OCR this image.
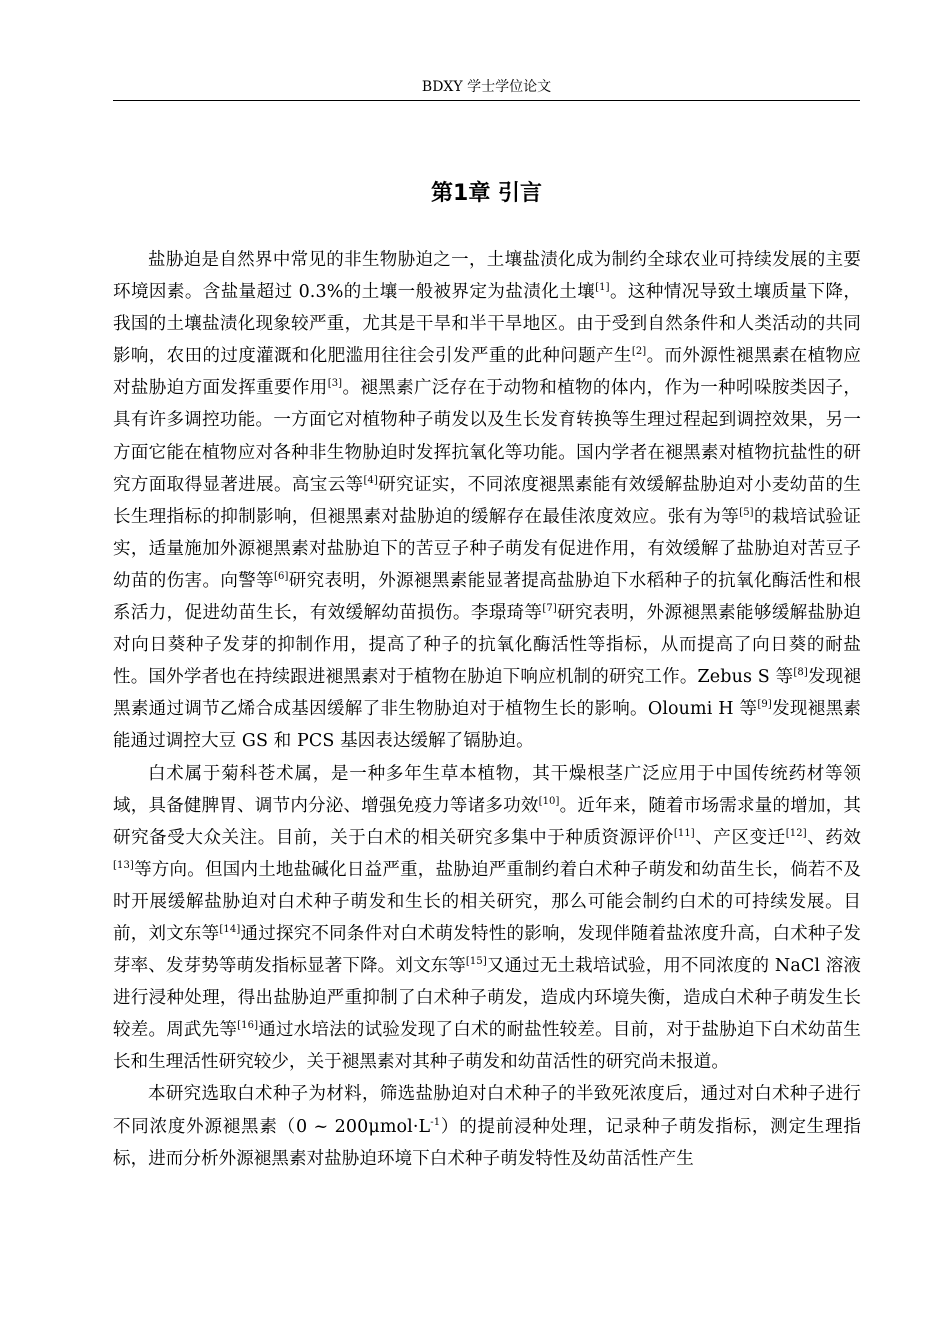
BDXY 学士学位论文
第1章 引言

盐胁迫是自然界中常见的非生物胁迫之一，土壤盐渍化成为制约全球农业可持续发展的主要环境因素。含盐量超过 0.3%的土壤一般被界定为盐渍化土壤[1]。这种情况导致土壤质量下降，我国的土壤盐渍化现象较严重，尤其是干旱和半干旱地区。由于受到自然条件和人类活动的共同影响，农田的过度灌溉和化肥滥用往往会引发严重的此种问题产生[2]。而外源性褪黑素在植物应对盐胁迫方面发挥重要作用[3]。褪黑素广泛存在于动物和植物的体内，作为一种吲哚胺类因子，具有许多调控功能。一方面它对植物种子萌发以及生长发育转换等生理过程起到调控效果，另一方面它能在植物应对各种非生物胁迫时发挥抗氧化等功能。国内学者在褪黑素对植物抗盐性的研究方面取得显著进展。高宝云等[4]研究证实，不同浓度褪黑素能有效缓解盐胁迫对小麦幼苗的生长生理指标的抑制影响，但褪黑素对盐胁迫的缓解存在最佳浓度效应。张有为等[5]的栽培试验证实，适量施加外源褪黑素对盐胁迫下的苦豆子种子萌发有促进作用，有效缓解了盐胁迫对苦豆子幼苗的伤害。向警等[6]研究表明，外源褪黑素能显著提高盐胁迫下水稻种子的抗氧化酶活性和根系活力，促进幼苗生长，有效缓解幼苗损伤。李璟琦等[7]研究表明，外源褪黑素能够缓解盐胁迫对向日葵种子发芽的抑制作用，提高了种子的抗氧化酶活性等指标，从而提高了向日葵的耐盐性。国外学者也在持续跟进褪黑素对于植物在胁迫下响应机制的研究工作。Zebus S 等[8]发现褪黑素通过调节乙烯合成基因缓解了非生物胁迫对于植物生长的影响。Oloumi H 等[9]发现褪黑素能通过调控大豆 GS 和 PCS 基因表达缓解了镉胁迫。

白术属于菊科苍术属，是一种多年生草本植物，其干燥根茎广泛应用于中国传统药材等领域，具备健脾胃、调节内分泌、增强免疫力等诸多功效[10]。近年来，随着市场需求量的增加，其研究备受大众关注。目前，关于白术的相关研究多集中于种质资源评价[11]、产区变迁[12]、药效[13]等方向。但国内土地盐碱化日益严重，盐胁迫严重制约着白术种子萌发和幼苗生长，倘若不及时开展缓解盐胁迫对白术种子萌发和生长的相关研究，那么可能会制约白术的可持续发展。目前，刘文东等[14]通过探究不同条件对白术萌发特性的影响，发现伴随着盐浓度升高，白术种子发芽率、发芽势等萌发指标显著下降。刘文东等[15]又通过无土栽培试验，用不同浓度的 NaCl 溶液进行浸种处理，得出盐胁迫严重抑制了白术种子萌发，造成内环境失衡，造成白术种子萌发生长较差。周武先等[16]通过水培法的试验发现了白术的耐盐性较差。目前，对于盐胁迫下白术幼苗生长和生理活性研究较少，关于褪黑素对其种子萌发和幼苗活性的研究尚未报道。

本研究选取白术种子为材料，筛选盐胁迫对白术种子的半致死浓度后，通过对白术种子进行不同浓度外源褪黑素（0 ~ 200μmol·L$^{-1}$）的提前浸种处理，记录种子萌发指标，测定生理指标，进而分析外源褪黑素对盐胁迫环境下白术种子萌发特性及幼苗活性产生
